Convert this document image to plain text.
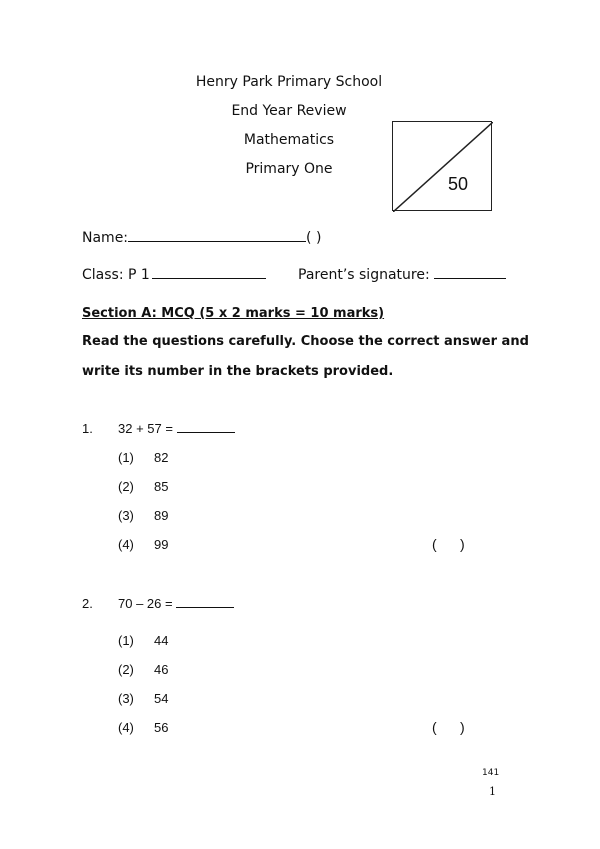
Henry Park Primary School
End Year Review
Mathematics
Primary One
50
Name:	( )
Class: P 1	Parent’s signature:
Section A: MCQ (5 x 2 marks = 10 marks)
Read the questions carefully. Choose the correct answer and
write its number in the brackets provided.
1. 32 + 57 =
(1) 82
(2) 85
(3) 89
(4) 99	(      )
2. 70 – 26 =
(1) 44
(2) 46
(3) 54
(4) 56	(      )
141
1
